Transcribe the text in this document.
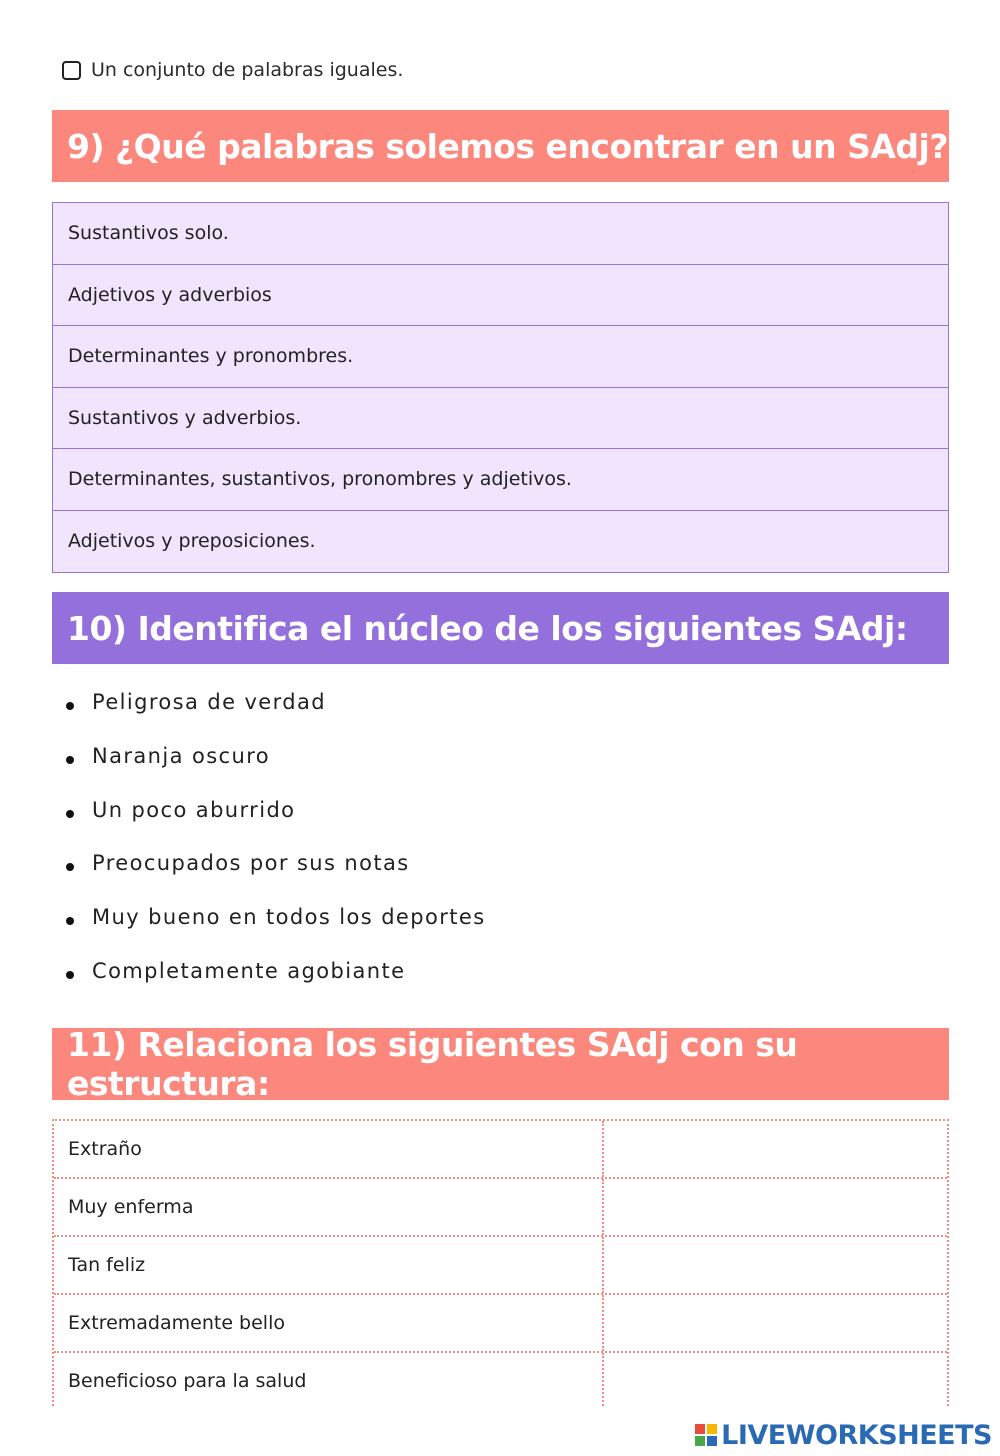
Un conjunto de palabras iguales.
9) ¿Qué palabras solemos encontrar en un SAdj?
Sustantivos solo.
Adjetivos y adverbios
Determinantes y pronombres.
Sustantivos y adverbios.
Determinantes, sustantivos, pronombres y adjetivos.
Adjetivos y preposiciones.
10) Identifica el núcleo de los siguientes SAdj:
Peligrosa de verdad
Naranja oscuro
Un poco aburrido
Preocupados por sus notas
Muy bueno en todos los deportes
Completamente agobiante
11) Relaciona los siguientes SAdj con su estructura:
Extraño
Muy enferma
Tan feliz
Extremadamente bello
Beneficioso para la salud
LIVEWORKSHEETS
